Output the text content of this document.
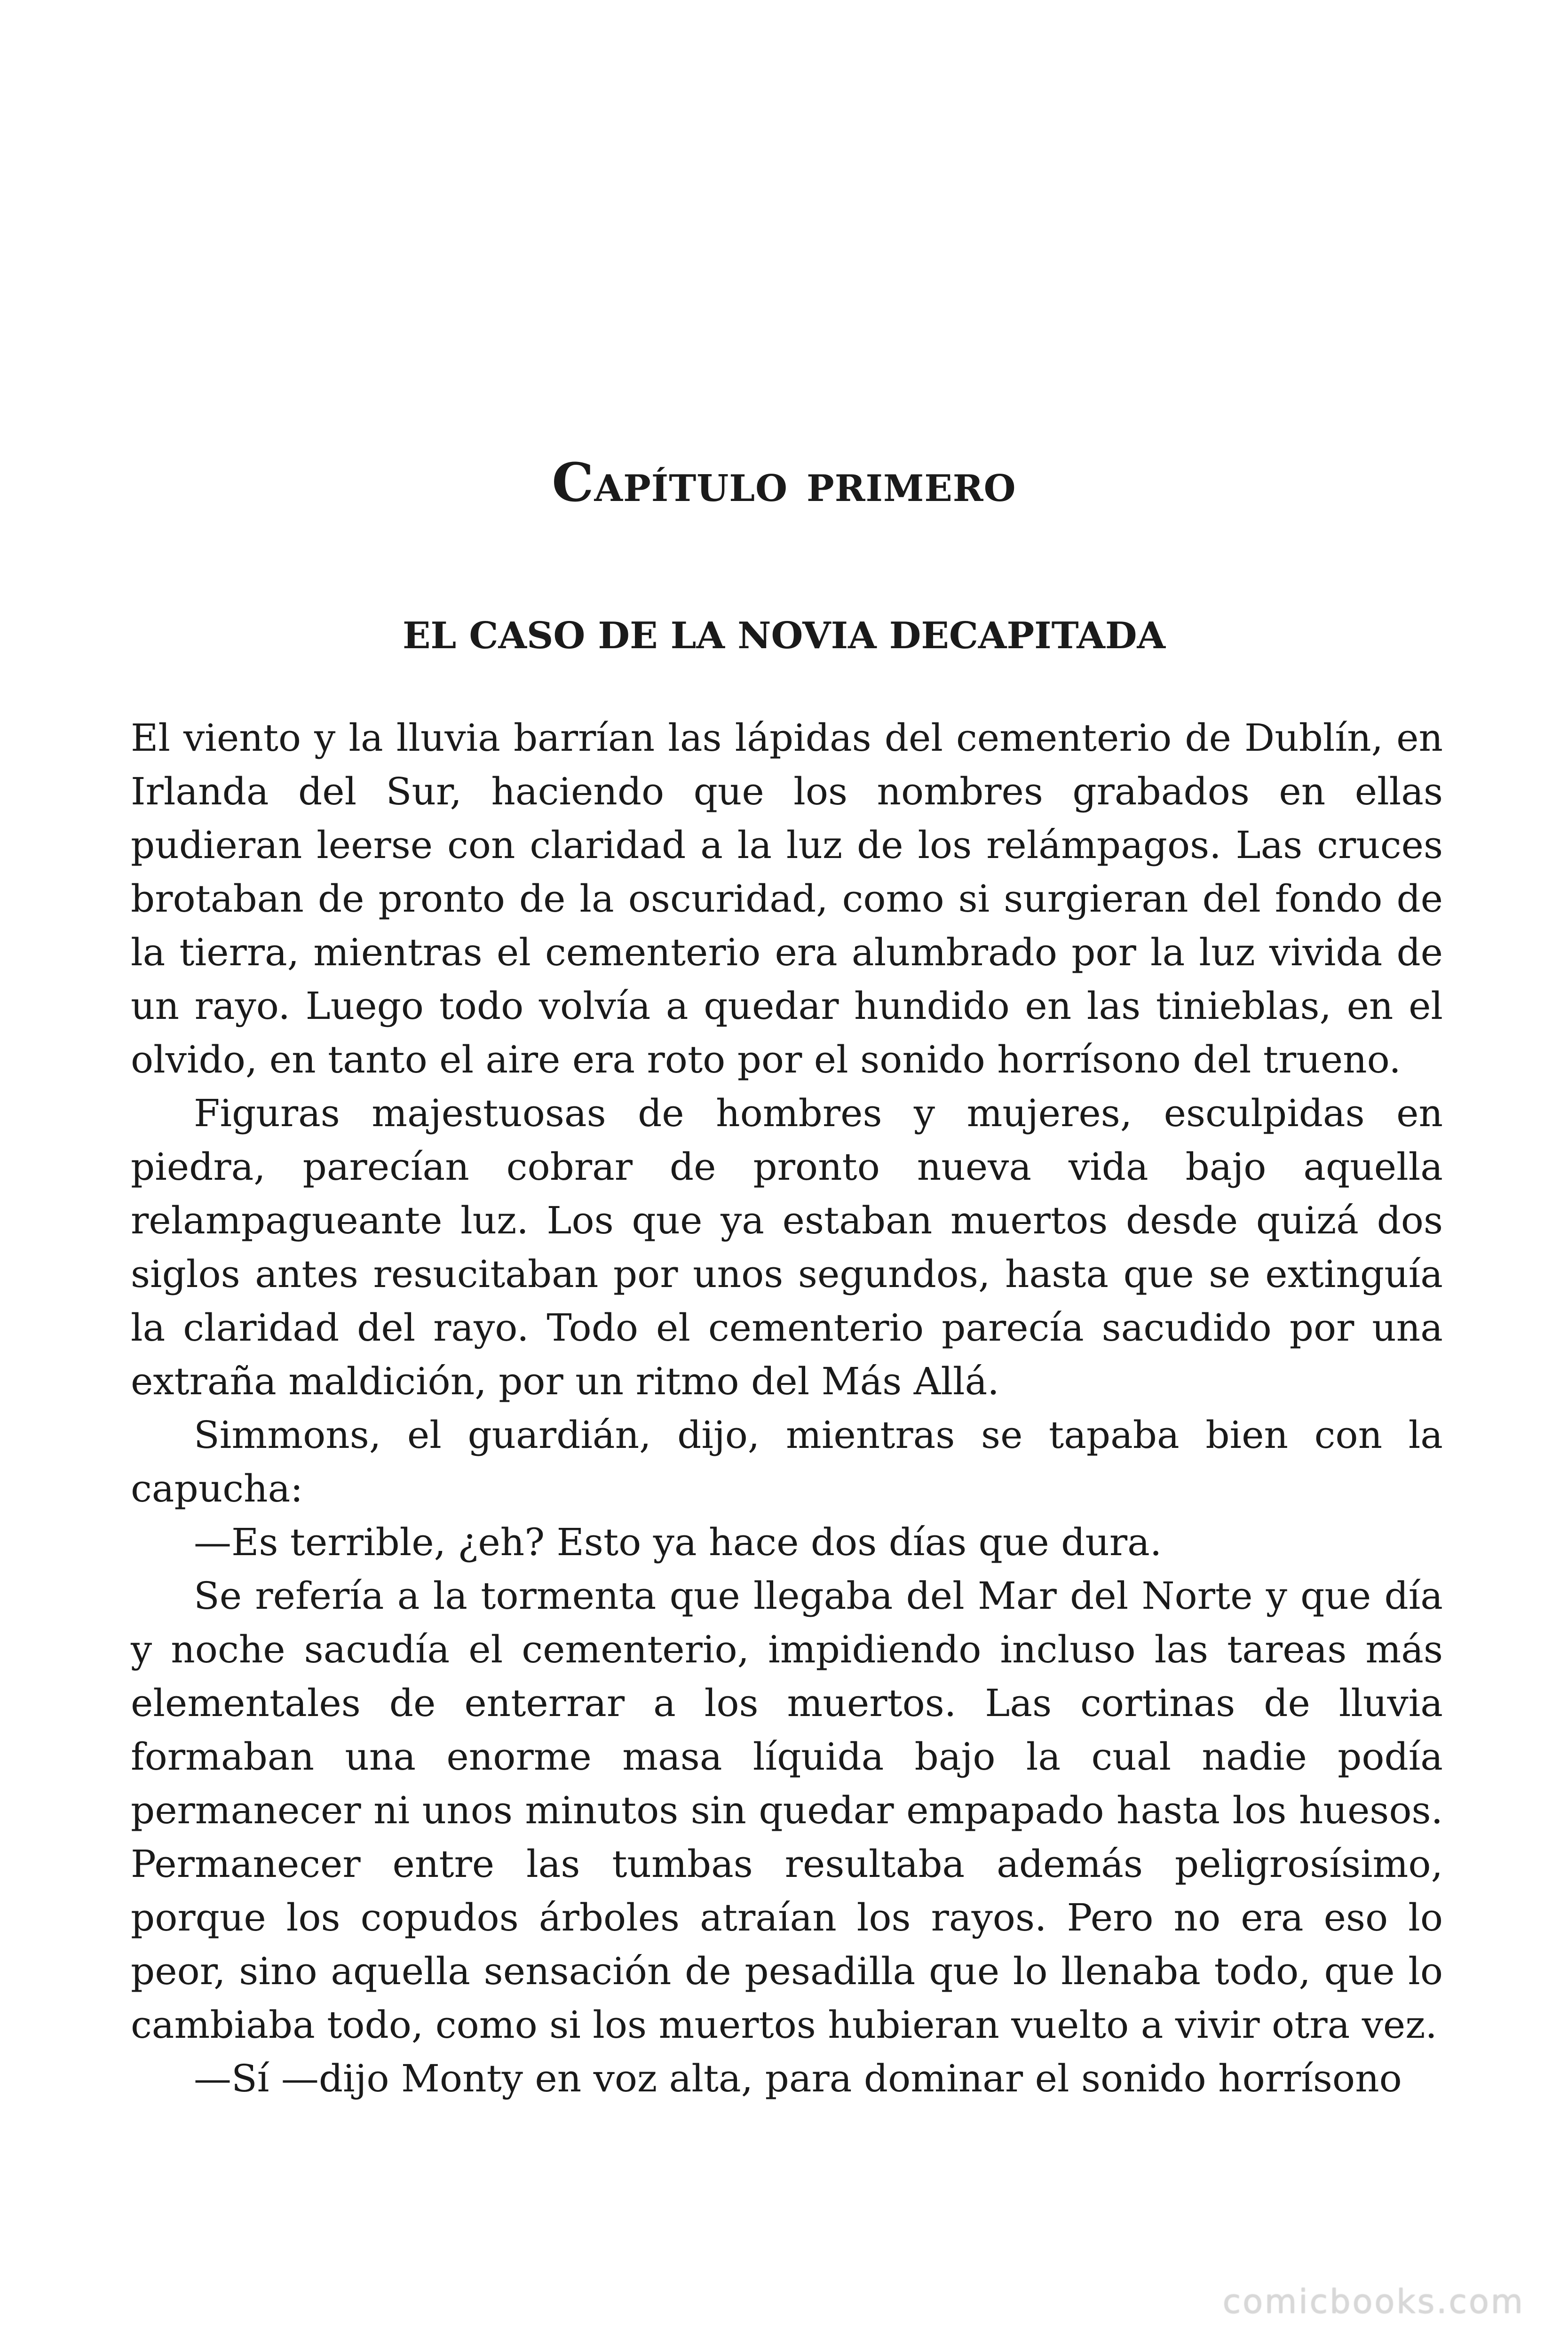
Capítulo primero
EL CASO DE LA NOVIA DECAPITADA

El viento y la lluvia barrían las lápidas del cementerio de Dublín, en Irlanda del Sur, haciendo que los nombres grabados en ellas pudieran leerse con claridad a la luz de los relámpagos. Las cruces brotaban de pronto de la oscuridad, como si surgieran del fondo de la tierra, mientras el cementerio era alumbrado por la luz vivida de un rayo. Luego todo volvía a quedar hundido en las tinieblas, en el olvido, en tanto el aire era roto por el sonido horrísono del trueno.

Figuras majestuosas de hombres y mujeres, esculpidas en piedra, parecían cobrar de pronto nueva vida bajo aquella relampagueante luz. Los que ya estaban muertos desde quizá dos siglos antes resucitaban por unos segundos, hasta que se extinguía la claridad del rayo. Todo el cementerio parecía sacudido por una extraña maldición, por un ritmo del Más Allá.

Simmons, el guardián, dijo, mientras se tapaba bien con la capucha:

—Es terrible, ¿eh? Esto ya hace dos días que dura.

Se refería a la tormenta que llegaba del Mar del Norte y que día y noche sacudía el cementerio, impidiendo incluso las tareas más elementales de enterrar a los muertos. Las cortinas de lluvia formaban una enorme masa líquida bajo la cual nadie podía permanecer ni unos minutos sin quedar empapado hasta los huesos. Permanecer entre las tumbas resultaba además peligrosísimo, porque los copudos árboles atraían los rayos. Pero no era eso lo peor, sino aquella sensación de pesadilla que lo llenaba todo, que lo cambiaba todo, como si los muertos hubieran vuelto a vivir otra vez.

—Sí —dijo Monty en voz alta, para dominar el sonido horrísono

comicbooks.com
